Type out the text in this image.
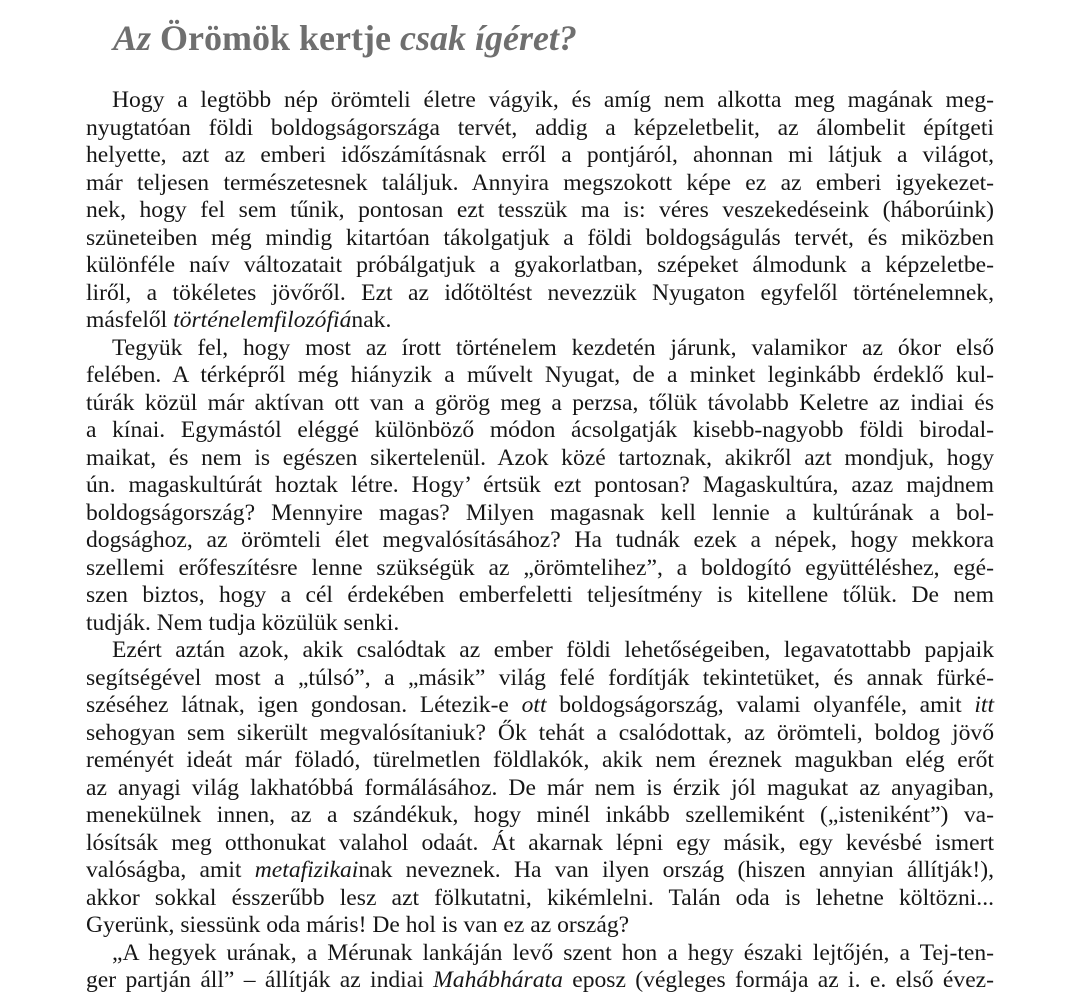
Az Örömök kertje csak ígéret?
Hogy a legtöbb nép örömteli életre vágyik, és amíg nem alkotta meg magának meg-
nyugtatóan földi boldogságországa tervét, addig a képzeletbelit, az álombelit építgeti
helyette, azt az emberi időszámításnak erről a pontjáról, ahonnan mi látjuk a világot,
már teljesen természetesnek találjuk. Annyira megszokott képe ez az emberi igyekezet-
nek, hogy fel sem tűnik, pontosan ezt tesszük ma is: véres veszekedéseink (háborúink)
szüneteiben még mindig kitartóan tákolgatjuk a földi boldogságulás tervét, és miközben
különféle naív változatait próbálgatjuk a gyakorlatban, szépeket álmodunk a képzeletbe-
liről, a tökéletes jövőről. Ezt az időtöltést nevezzük Nyugaton egyfelől történelemnek,
másfelől történelemfilozófiának.
Tegyük fel, hogy most az írott történelem kezdetén járunk, valamikor az ókor első
felében. A térképről még hiányzik a művelt Nyugat, de a minket leginkább érdeklő kul-
túrák közül már aktívan ott van a görög meg a perzsa, tőlük távolabb Keletre az indiai és
a kínai. Egymástól eléggé különböző módon ácsolgatják kisebb-nagyobb földi birodal-
maikat, és nem is egészen sikertelenül. Azok közé tartoznak, akikről azt mondjuk, hogy
ún. magaskultúrát hoztak létre. Hogy’ értsük ezt pontosan? Magaskultúra, azaz majdnem
boldogságország? Mennyire magas? Milyen magasnak kell lennie a kultúrának a bol-
dogsághoz, az örömteli élet megvalósításához? Ha tudnák ezek a népek, hogy mekkora
szellemi erőfeszítésre lenne szükségük az „örömtelihez”, a boldogító együttéléshez, egé-
szen biztos, hogy a cél érdekében emberfeletti teljesítmény is kitellene tőlük. De nem
tudják. Nem tudja közülük senki.
Ezért aztán azok, akik csalódtak az ember földi lehetőségeiben, legavatottabb papjaik
segítségével most a „túlsó”, a „másik” világ felé fordítják tekintetüket, és annak fürké-
széséhez látnak, igen gondosan. Létezik-e ott boldogságország, valami olyanféle, amit itt
sehogyan sem sikerült megvalósítaniuk? Ők tehát a csalódottak, az örömteli, boldog jövő
reményét ideát már föladó, türelmetlen földlakók, akik nem éreznek magukban elég erőt
az anyagi világ lakhatóbbá formálásához. De már nem is érzik jól magukat az anyagiban,
menekülnek innen, az a szándékuk, hogy minél inkább szellemiként („isteniként”) va-
lósítsák meg otthonukat valahol odaát. Át akarnak lépni egy másik, egy kevésbé ismert
valóságba, amit metafizikainak neveznek. Ha van ilyen ország (hiszen annyian állítják!),
akkor sokkal ésszerűbb lesz azt fölkutatni, kikémlelni. Talán oda is lehetne költözni...
Gyerünk, siessünk oda máris! De hol is van ez az ország?
„A hegyek urának, a Mérunak lankáján levő szent hon a hegy északi lejtőjén, a Tej-ten-
ger partján áll” – állítják az indiai Mahábhárata eposz (végleges formája az i. e. első évez-
